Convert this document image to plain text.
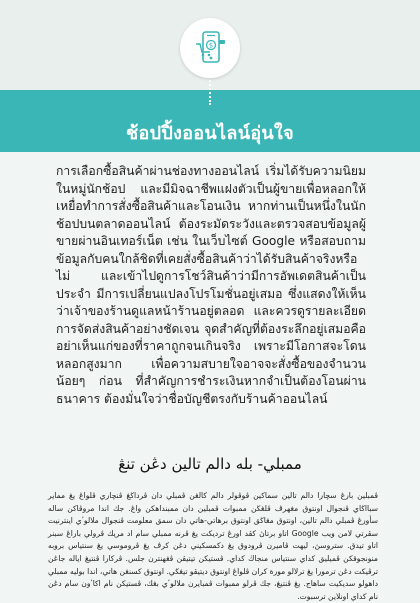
$
ช้อปปิ้งออนไลน์อุ่นใจ
การเลือกซื้อสินค้าผ่านช่องทางออนไลน์ เริ่มได้รับความนิยมในหมู่นักช้อป และมีมิจฉาชีพแฝงตัวเป็นผู้ขายเพื่อหลอกให้เหยื่อทำการสั่งซื้อสินค้าและโอนเงิน หากท่านเป็นหนึ่งในนักช้อปบนตลาดออนไลน์ ต้องระมัดระวังและตรวจสอบข้อมูลผู้ขายผ่านอินเทอร์เน็ต เช่น ในเว็บไซต์ Google หรือสอบถามข้อมูลกับคนใกล้ชิดที่เคยสั่งซื้อสินค้าว่าได้รับสินค้าจริงหรือไม่ และเข้าไปดูการโชว์สินค้าว่ามีการอัพเดตสินค้าเป็นประจำ มีการเปลี่ยนแปลงโปรโมชั่นอยู่เสมอ ซึ่งแสดงให้เห็นว่าเจ้าของร้านดูแลหน้าร้านอยู่ตลอด และควรดูรายละเอียดการจัดส่งสินค้าอย่างชัดเจน จุดสำคัญที่ต้องระลึกอยู่เสมอคือ อย่าเห็นแก่ของที่ราคาถูกจนเกินจริง เพราะมีโอกาสจะโดนหลอกสูงมาก เพื่อความสบายใจอาจจะสั่งซื้อของจำนวนน้อยๆ ก่อน ที่สำคัญการชำระเงินหากจำเป็นต้องโอนผ่านธนาคาร ต้องมั่นใจว่าชื่อบัญชีตรงกับร้านค้าออนไลน์
ممبلي- بله دالم تالين دڠن تنڠ
ڤمبلين بارڠ سچارا دالم تالين سماكين ڤوڤولر دالم كالڠن ڤمبلي دان ڤرداڬڠ ڤنچاري ڤلواڠ يڠ مماير سبااڬاي ڤنجوال اونتوق مڠهرڤ ڤلڠڬن ممبوات ڤمبلين دان ممبنداهكن واڠ. جك اندا مروڤاكن ساله سأورڠ ڤمبلي دالم تالين، اونتوق مڠاڬق اونتوق برهاتي-هاتي دان سمق معلومت ڤنجوال ملالوٴي اينترنيت سڤرتي لامن ويب Google اتاو برتاڽ كڤد اورڠ ترديكت يڠ ڤرنه ممبلي سام اد مريك ڤرولي باراڠ سبنر اتاو تيدق. ستروسڽ، ليهت ڤاميرن ڤرودوق يڠ دكمسكيني دڠن كرڤ يڠ ڤروموسي يڠ سنتياس بروبه منونجوقكن ڤميليق كداي سنتياس منجاڬ كداي. ڤستيكن تيتيڤن ڤڠهنترن جلس. ڤركارا ڤنتيڠ اياله جاڠن ترڤيكت دڠن ترمورا يڠ ترلالو مورة كران ڤلواڠ اونتوق ديتيڤو تيڠڬي. اونتوق كسنڠن هاتي، اندا بوليه ممبلي داهولو سديكيت ساهاج. يڠ ڤنتيڠ، جك ڤرلو ممبوات ڤمبايرن ملالوٴي بڠك، ڤستيكن نام اكاٴون سام دڠن نام كداي اونلاين ترسبوت.
